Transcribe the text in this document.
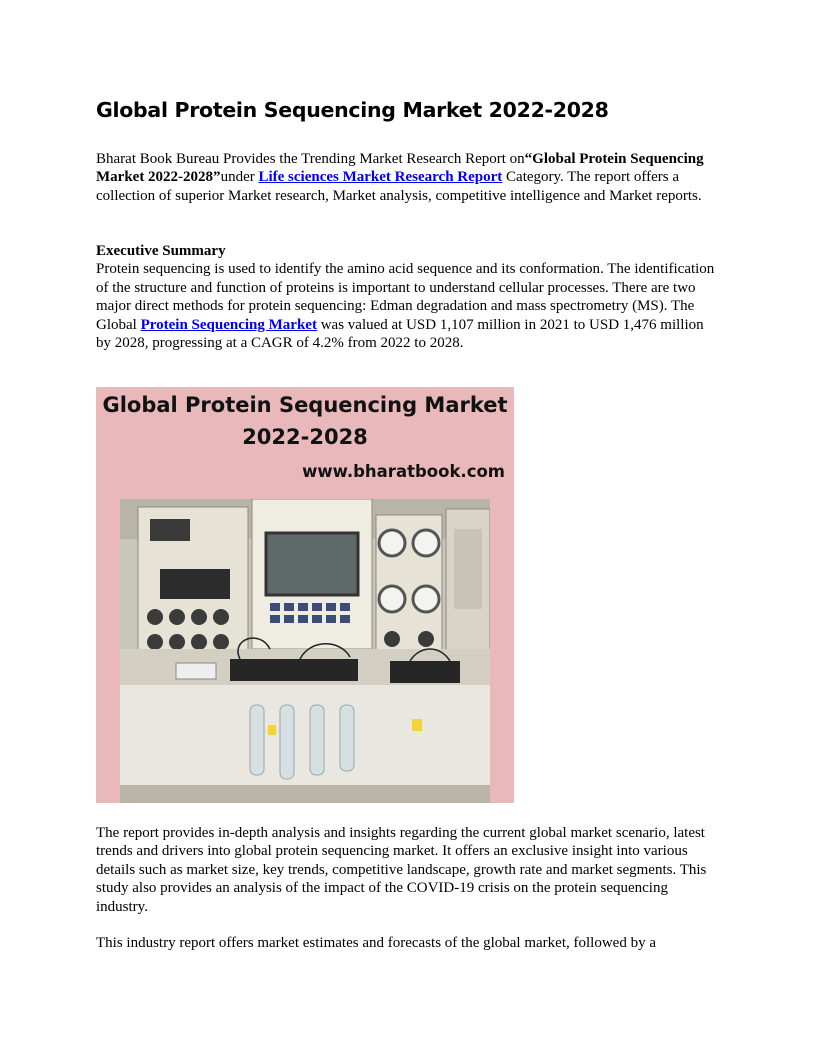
Global Protein Sequencing Market 2022-2028

Bharat Book Bureau Provides the Trending Market Research Report on“Global Protein Sequencing Market 2022-2028”under Life sciences Market Research Report Category. The report offers a collection of superior Market research, Market analysis, competitive intelligence and Market reports.

Executive Summary
Protein sequencing is used to identify the amino acid sequence and its conformation. The identification of the structure and function of proteins is important to understand cellular processes. There are two major direct methods for protein sequencing: Edman degradation and mass spectrometry (MS). The Global Protein Sequencing Market was valued at USD 1,107 million in 2021 to USD 1,476 million by 2028, progressing at a CAGR of 4.2% from 2022 to 2028.

Global Protein Sequencing Market
2022-2028
www.bharatbook.com

The report provides in-depth analysis and insights regarding the current global market scenario, latest trends and drivers into global protein sequencing market. It offers an exclusive insight into various details such as market size, key trends, competitive landscape, growth rate and market segments. This study also provides an analysis of the impact of the COVID-19 crisis on the protein sequencing industry.

This industry report offers market estimates and forecasts of the global market, followed by a
